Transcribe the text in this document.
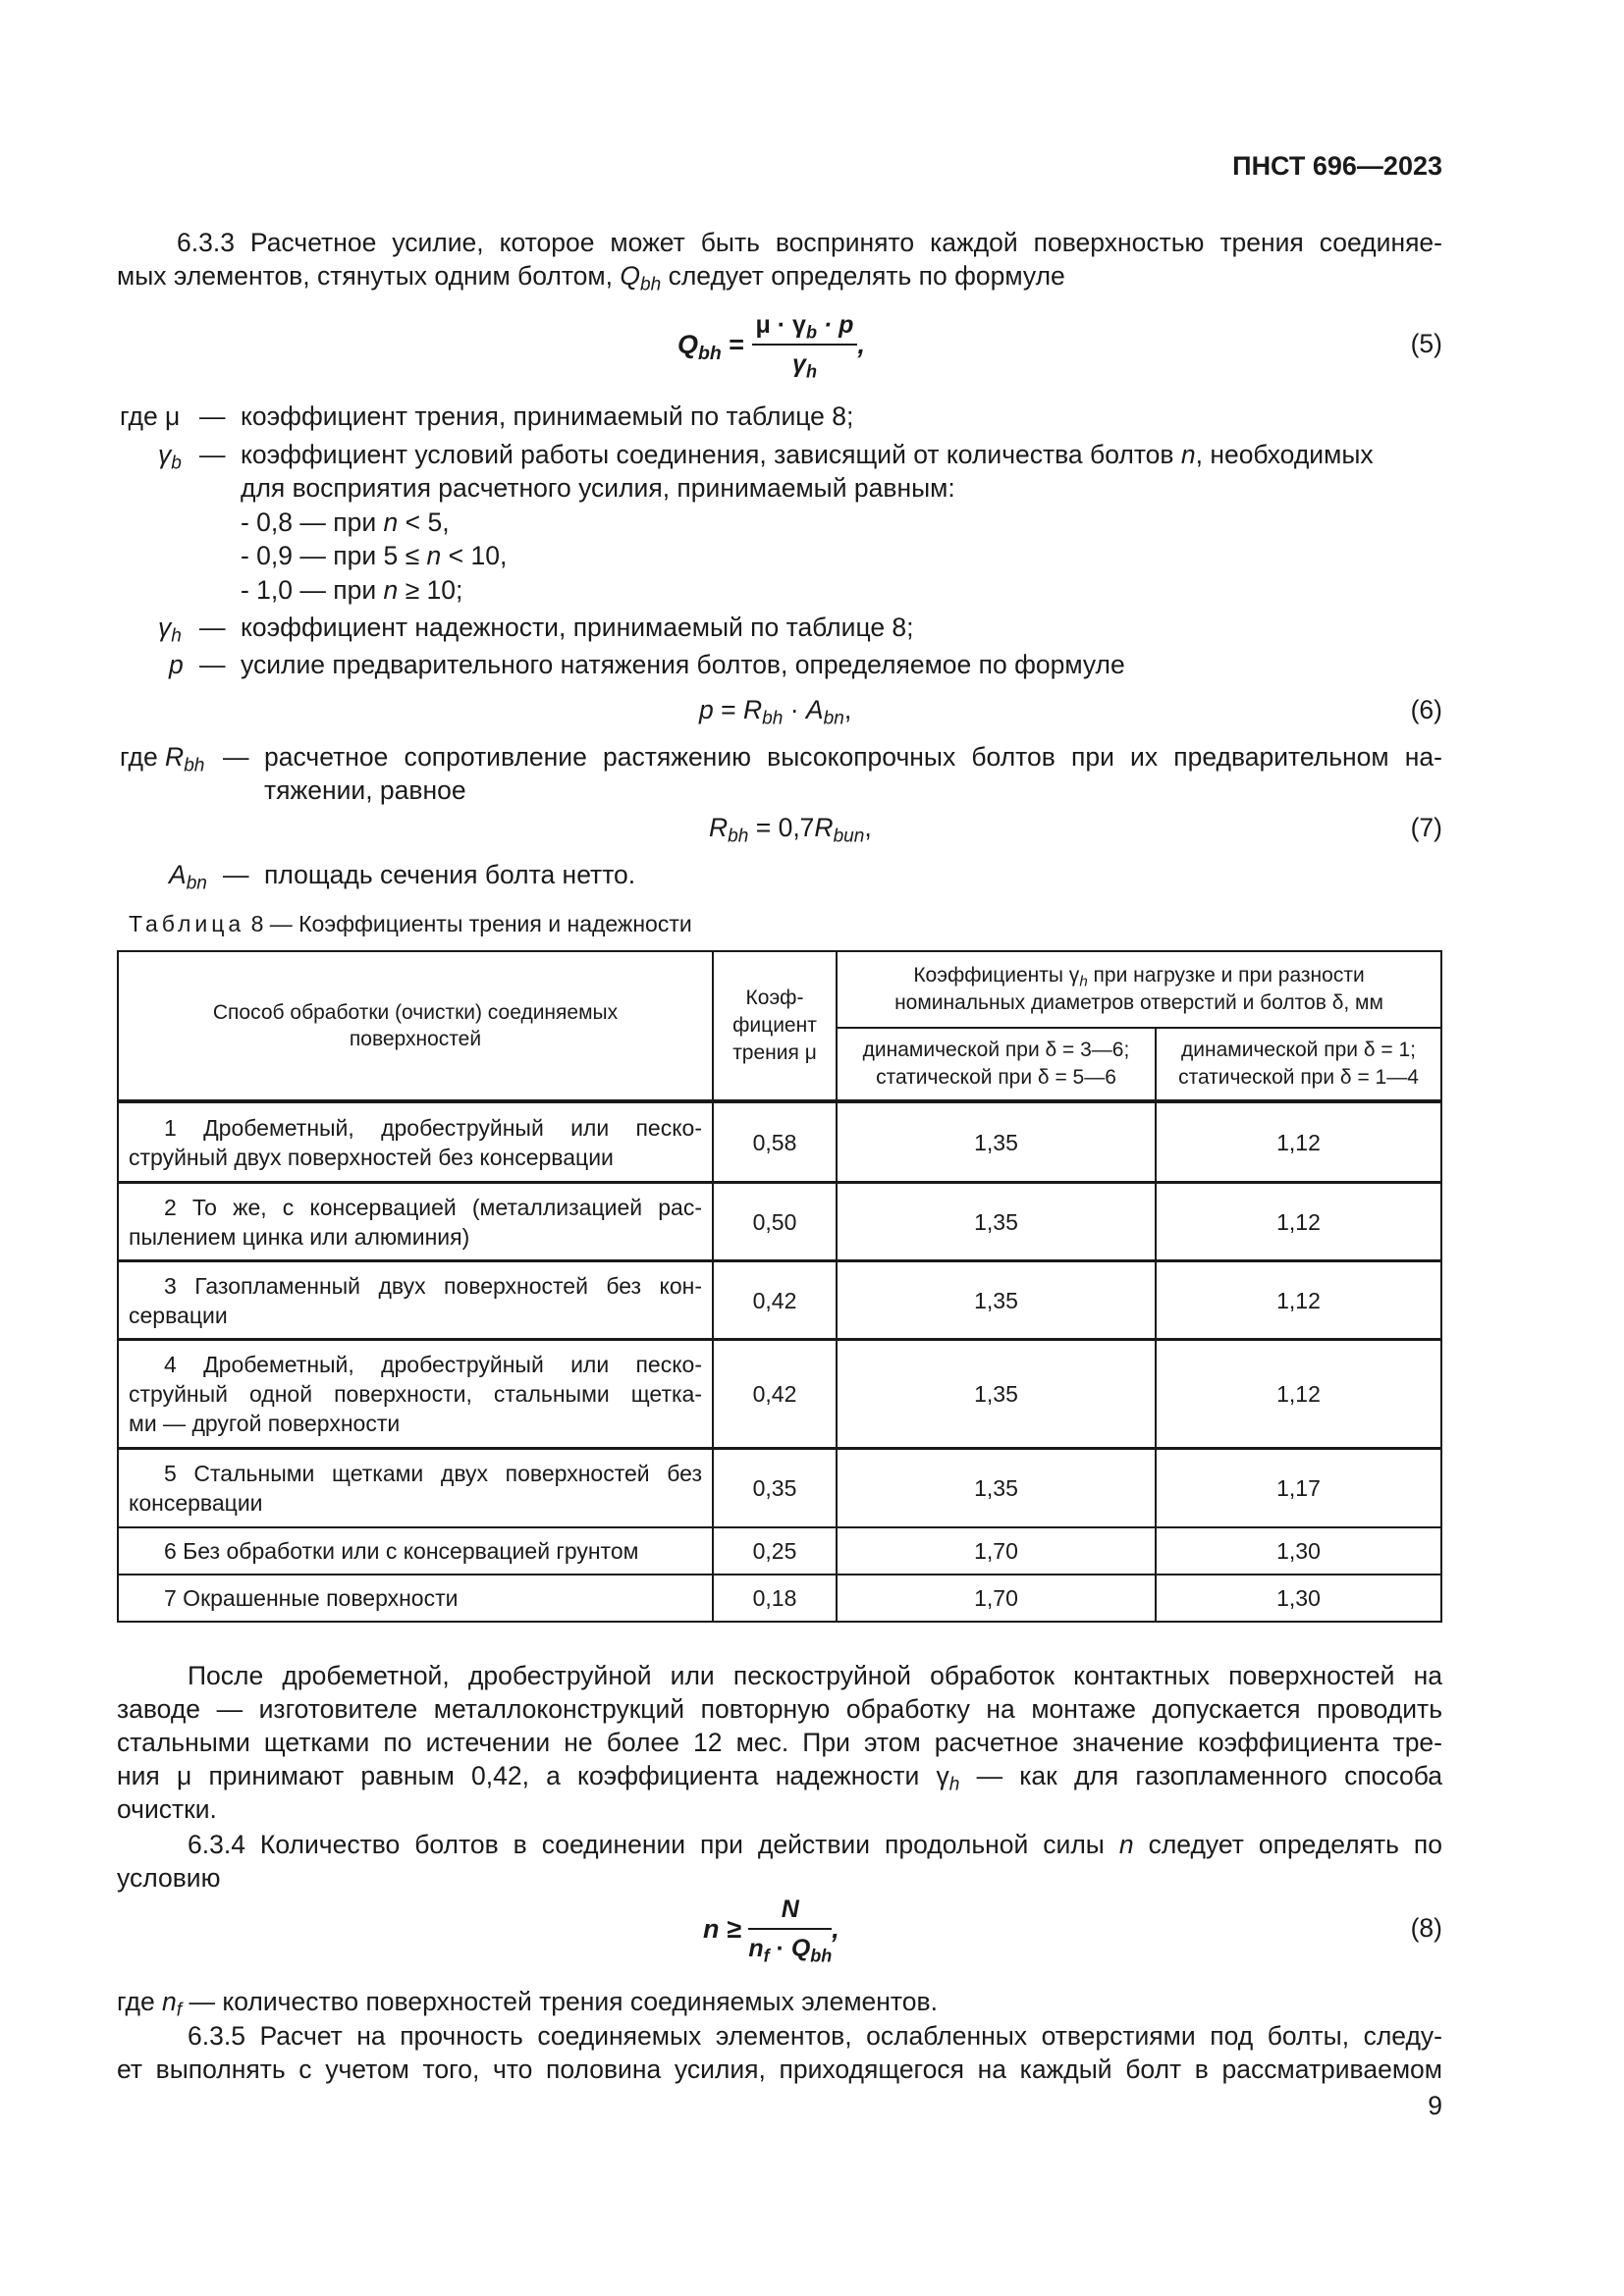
ПНСТ 696—2023
6.3.3 Расчетное усилие, которое может быть воспринято каждой поверхностью трения соединяе-
мых элементов, стянутых одним болтом, $Q_{bh}$ следует определять по формуле
$Q_{bh} = \frac{\mu \cdot \gamma_b \cdot p}{\gamma_h}$ ,	(5)
где μ — коэффициент трения, принимаемый по таблице 8;
$\gamma_b$ — коэффициент условий работы соединения, зависящий от количества болтов n, необходимых
для восприятия расчетного усилия, принимаемый равным:
- 0,8 — при n < 5,
- 0,9 — при 5 ≤ n < 10,
- 1,0 — при n ≥ 10;
$\gamma_h$ — коэффициент надежности, принимаемый по таблице 8;
p — усилие предварительного натяжения болтов, определяемое по формуле
$p = R_{bh} \cdot A_{bn}$,	(6)
где $R_{bh}$ — расчетное сопротивление растяжению высокопрочных болтов при их предварительном на-
тяжении, равное
$R_{bh} = 0,7R_{bun}$,	(7)
$A_{bn}$ — площадь сечения болта нетто.
Таблица 8 — Коэффициенты трения и надежности
Способ обработки (очистки) соединяемых поверхностей
Коэф-
фициент
трения μ
Коэффициенты $\gamma_h$ при нагрузке и при разности
номинальных диаметров отверстий и болтов δ, мм
динамической при δ = 3—6;
статической при δ = 5—6
динамической при δ = 1;
статической при δ = 1—4
1 Дробеметный, дробеструйный или песко-
струйный двух поверхностей без консервации
0,58	1,35	1,12
2 То же, с консервацией (металлизацией рас-
пылением цинка или алюминия)
0,50	1,35	1,12
3 Газопламенный двух поверхностей без кон-
сервации
0,42	1,35	1,12
4 Дробеметный, дробеструйный или песко-
струйный одной поверхности, стальными щетка-
ми — другой поверхности
0,42	1,35	1,12
5 Стальными щетками двух поверхностей без
консервации
0,35	1,35	1,17
6 Без обработки или с консервацией грунтом	0,25	1,70	1,30
7 Окрашенные поверхности	0,18	1,70	1,30
После дробеметной, дробеструйной или пескоструйной обработок контактных поверхностей на
заводе — изготовителе металлоконструкций повторную обработку на монтаже допускается проводить
стальными щетками по истечении не более 12 мес. При этом расчетное значение коэффициента тре-
ния μ принимают равным 0,42, а коэффициента надежности $\gamma_h$ — как для газопламенного способа
очистки.
6.3.4 Количество болтов в соединении при действии продольной силы n следует определять по
условию
$n \ge \frac{N}{n_f \cdot Q_{bh}}$ ,	(8)
где $n_f$ — количество поверхностей трения соединяемых элементов.
6.3.5 Расчет на прочность соединяемых элементов, ослабленных отверстиями под болты, следу-
ет выполнять с учетом того, что половина усилия, приходящегося на каждый болт в рассматриваемом
9
